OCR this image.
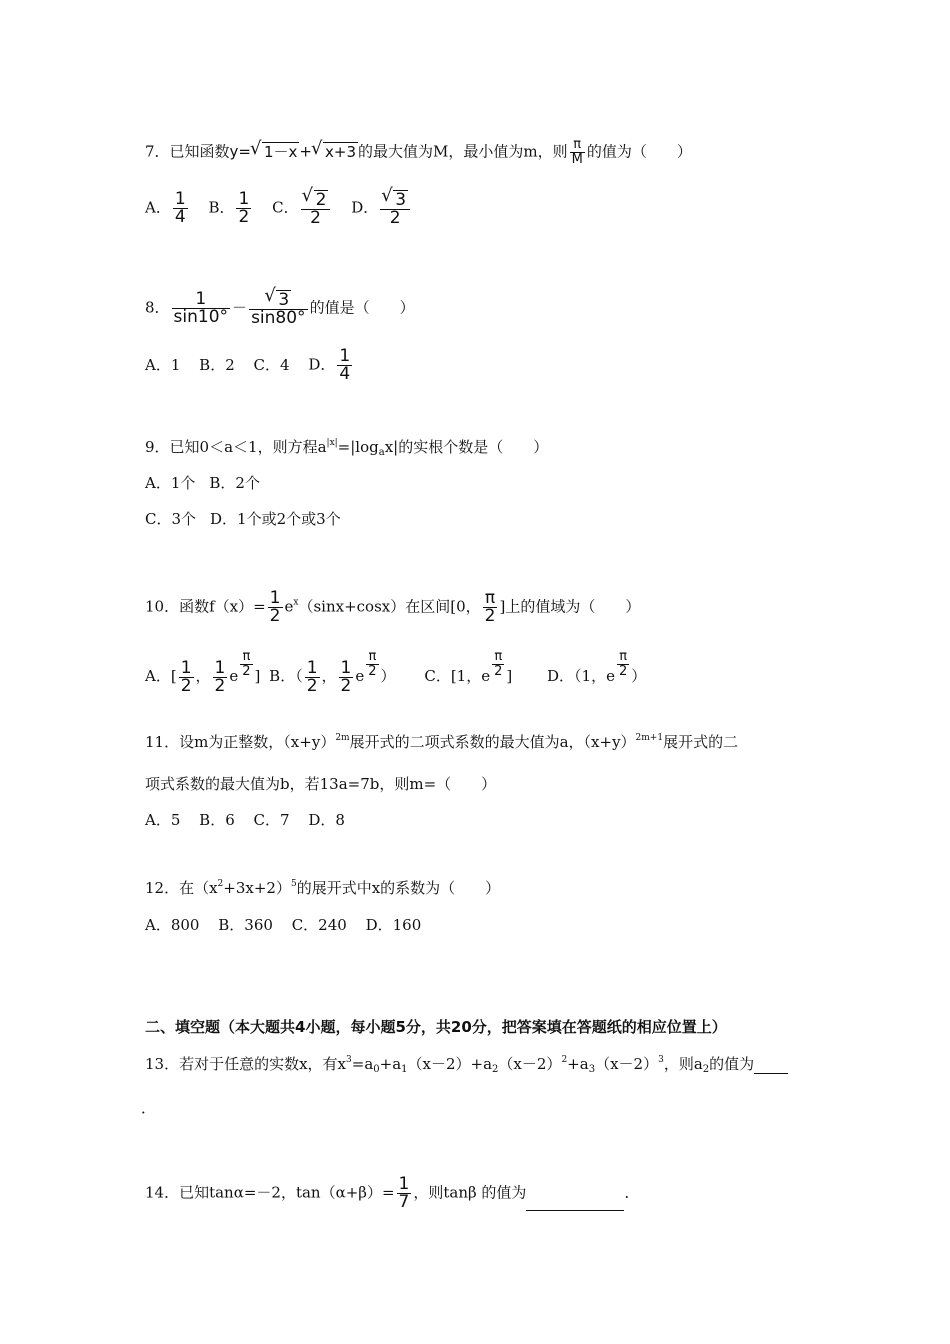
7．已知函数y= √ 1－x + √ x+3 的最大值为M，最小值为m，则 $\frac{\pi}{M}$ 的值为（　　）
A． $\frac{1}{4}$ B． $\frac{1}{2}$ C． √ $\frac{2}{2}$ D． √ $\frac{3}{2}$
8． $\frac{1}{\sin 10^\circ}$ － √ $\frac{3}{\sin 80^\circ}$ 的值是（　　）
A．1 B．2 C．4 D． $\frac{1}{4}$
9．已知0＜a＜1，则方程$a^{|x|}=|\log_ax|$的实根个数是（　　）
A．1个 B．2个
C．3个 D．1个或2个或3个
10．函数$f(x)= \frac{1}{2} e^x(\sin x+\cos x)$在区间[0， $\frac{\pi}{2}$ ]上的值域为（　　）
A．[ $\frac{1}{2}$ ， $\frac{1}{2}$ e $\frac{\pi}{2}$ ] B．（ $\frac{1}{2}$ ， $\frac{1}{2}$ e $\frac{\pi}{2}$ ） C．[1，e $\frac{\pi}{2}$ ] D．（1，e $\frac{\pi}{2}$ ）
11．设m为正整数，$(x+y)^{2m}$展开式的二项式系数的最大值为a，$(x+y)^{2m+1}$展开式的二
项式系数的最大值为b，若13a=7b，则m=（　　）
A．5 B．6 C．7 D．8
12．在$(x^2+3x+2)^5$的展开式中x的系数为（　　）
A．800 B．360 C．240 D．160
二、填空题（本大题共4小题，每小题5分，共20分，把答案填在答题纸的相应位置上）
13．若对于任意的实数x，有$x^3=a_0+a_1(x-2)+a_2(x-2)^2+a_3(x-2)^3$，则$a_2$的值为
．
14．已知tanα=－2，$\tan(\alpha+\beta)= \frac{1}{7}$ ，则tanβ 的值为	．
